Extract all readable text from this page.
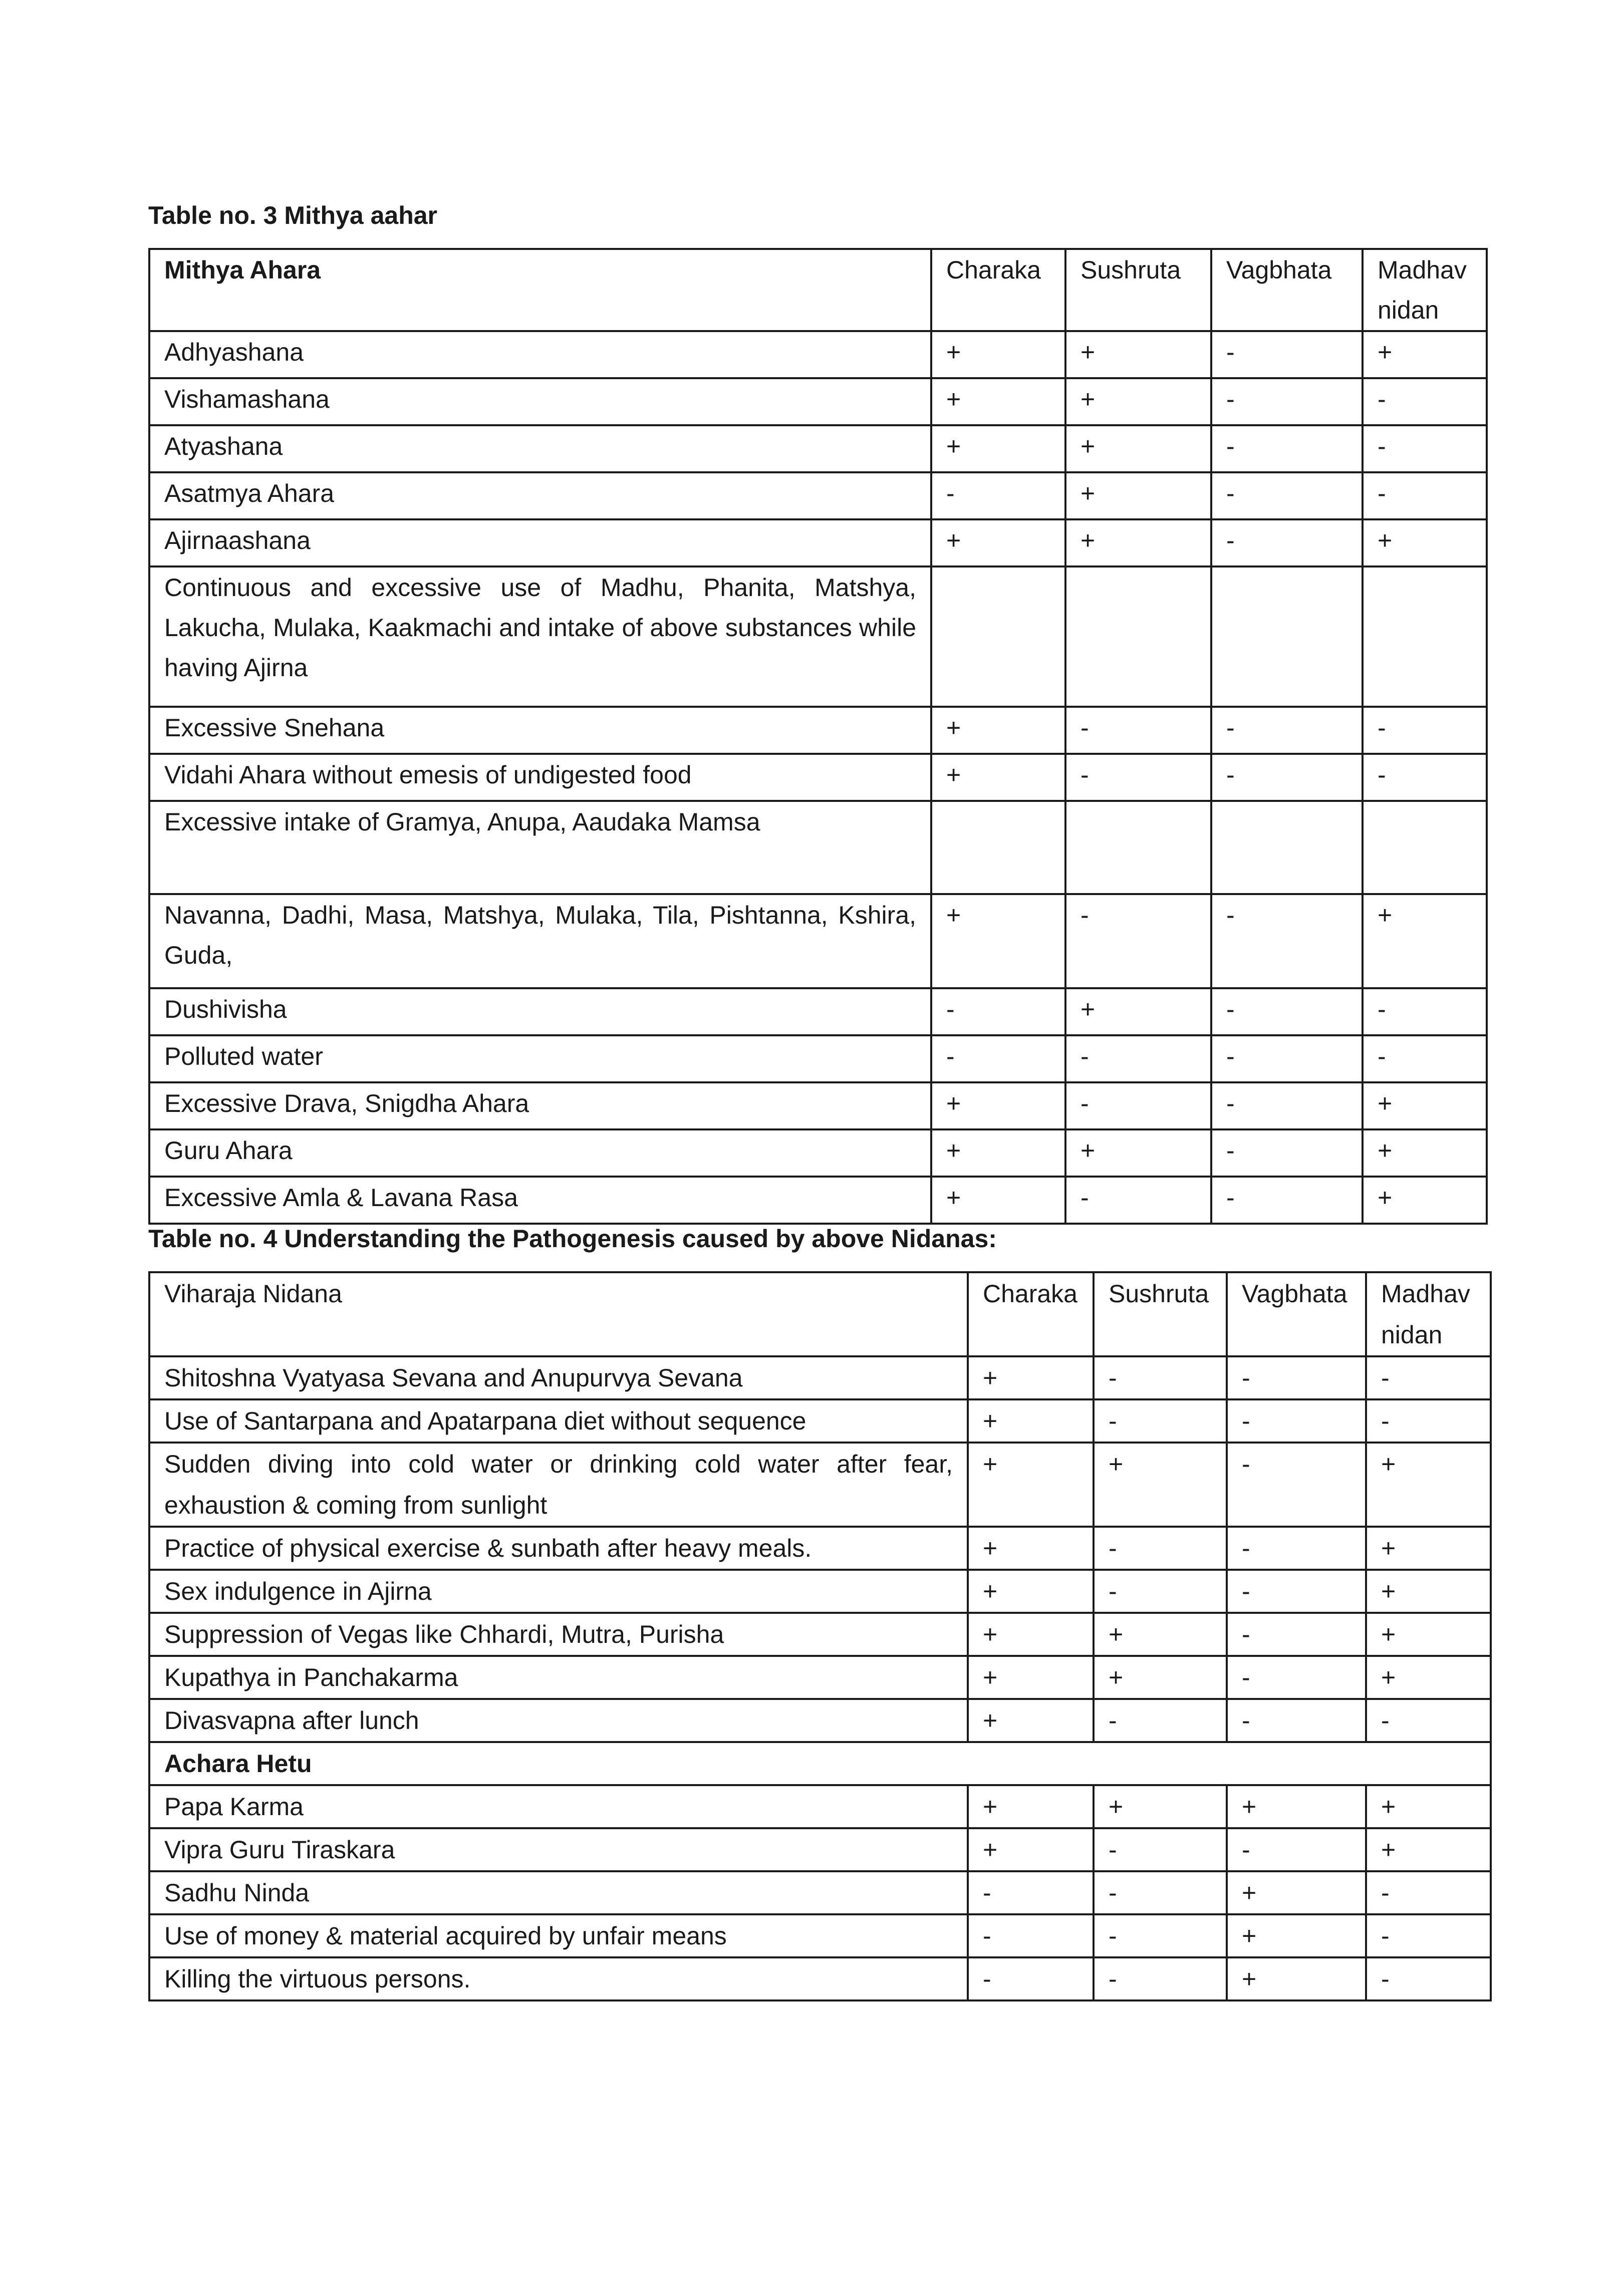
Table no. 3 Mithya aahar
Mithya Ahara	Charaka	Sushruta	Vagbhata	Madhav nidan
Adhyashana	+	+	-	+
Vishamashana	+	+	-	-
Atyashana	+	+	-	-
Asatmya Ahara	-	+	-	-
Ajirnaashana	+	+	-	+
Continuous and excessive use of Madhu, Phanita, Matshya, Lakucha, Mulaka, Kaakmachi and intake of above substances while having Ajirna				
Excessive Snehana	+	-	-	-
Vidahi Ahara without emesis of undigested food	+	-	-	-
Excessive intake of Gramya, Anupa, Aaudaka Mamsa				
Navanna, Dadhi, Masa, Matshya, Mulaka, Tila, Pishtanna, Kshira, Guda,	+	-	-	+
Dushivisha	-	+	-	-
Polluted water	-	-	-	-
Excessive Drava, Snigdha Ahara	+	-	-	+
Guru Ahara	+	+	-	+
Excessive Amla & Lavana Rasa	+	-	-	+
Table no. 4 Understanding the Pathogenesis caused by above Nidanas:
Viharaja Nidana	Charaka	Sushruta	Vagbhata	Madhav nidan
Shitoshna Vyatyasa Sevana and Anupurvya Sevana	+	-	-	-
Use of Santarpana and Apatarpana diet without sequence	+	-	-	-
Sudden diving into cold water or drinking cold water after fear, exhaustion & coming from sunlight	+	+	-	+
Practice of physical exercise & sunbath after heavy meals.	+	-	-	+
Sex indulgence in Ajirna	+	-	-	+
Suppression of Vegas like Chhardi, Mutra, Purisha	+	+	-	+
Kupathya in Panchakarma	+	+	-	+
Divasvapna after lunch	+	-	-	-
Achara Hetu				
Papa Karma	+	+	+	+
Vipra Guru Tiraskara	+	-	-	+
Sadhu Ninda	-	-	+	-
Use of money & material acquired by unfair means	-	-	+	-
Killing the virtuous persons.	-	-	+	-
